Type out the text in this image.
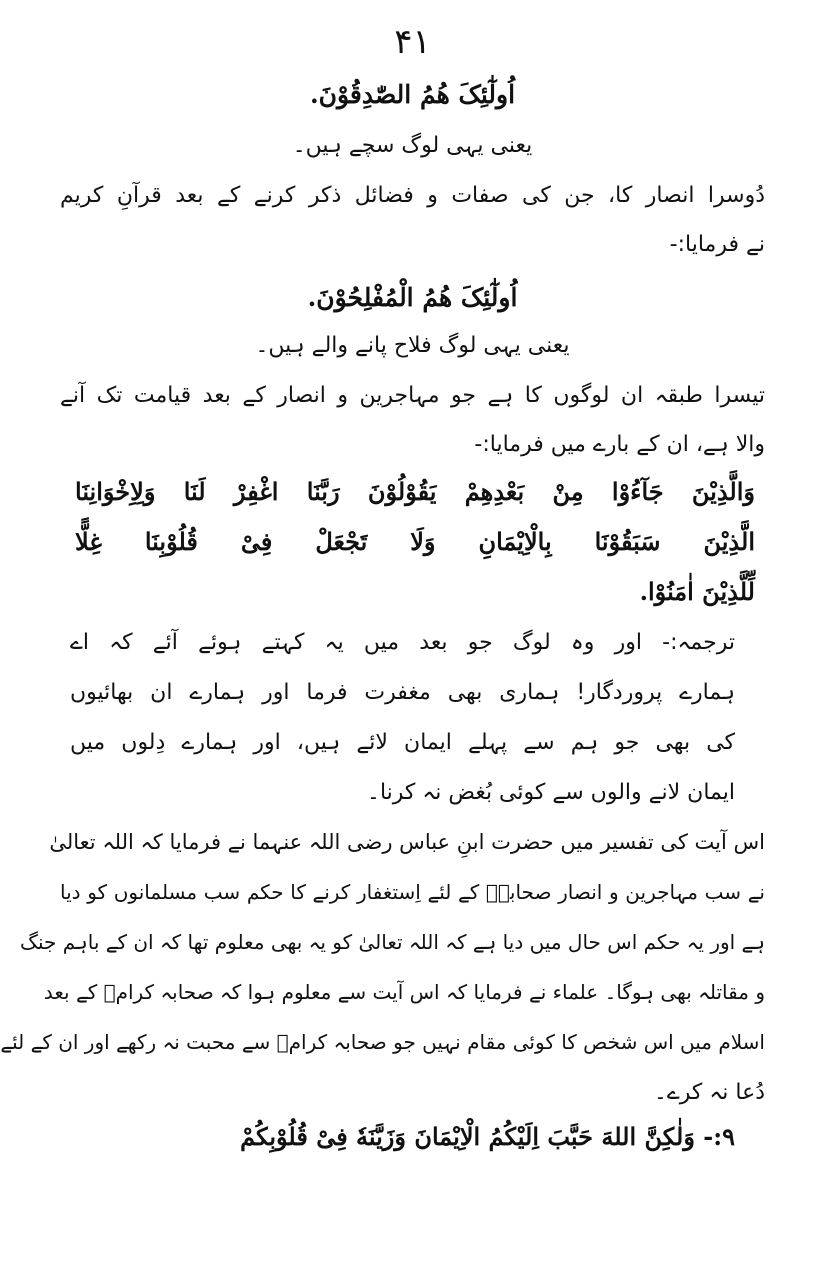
۴۱
اُولٰٓئِکَ ھُمُ الصّٰدِقُوْنَ.
یعنی یہی لوگ سچے ہیں۔
دُوسرا انصار کا، جن کی صفات و فضائل ذکر کرنے کے بعد قرآنِ کریم
نے فرمایا:-
اُولٰٓئِکَ ھُمُ الْمُفْلِحُوْنَ.
یعنی یہی لوگ فلاح پانے والے ہیں۔
تیسرا طبقہ ان لوگوں کا ہے جو مہاجرین و انصار کے بعد قیامت تک آنے
والا ہے، ان کے بارے میں فرمایا:-
وَالَّذِیْنَ جَآءُوْا مِنْ بَعْدِھِمْ یَقُوْلُوْنَ رَبَّنَا اغْفِرْ لَنَا وَلِاِخْوَانِنَا
الَّذِیْنَ سَبَقُوْنَا بِالْاِیْمَانِ وَلَا تَجْعَلْ فِیْ قُلُوْبِنَا غِلًّا
لِّلَّذِیْنَ اٰمَنُوْا.
ترجمہ:- اور وہ لوگ جو بعد میں یہ کہتے ہوئے آئے کہ اے
ہمارے پروردگار! ہماری بھی مغفرت فرما اور ہمارے ان بھائیوں
کی بھی جو ہم سے پہلے ایمان لائے ہیں، اور ہمارے دِلوں میں
ایمان لانے والوں سے کوئی بُغض نہ کرنا۔
اس آیت کی تفسیر میں حضرت ابنِ عباس رضی اللہ عنہما نے فرمایا کہ اللہ تعالیٰ
نے سب مہاجرین و انصار صحابہؓ کے لئے اِستغفار کرنے کا حکم سب مسلمانوں کو دیا
ہے اور یہ حکم اس حال میں دیا ہے کہ اللہ تعالیٰ کو یہ بھی معلوم تھا کہ ان کے باہم جنگ
و مقاتلہ بھی ہوگا۔ علماء نے فرمایا کہ اس آیت سے معلوم ہوا کہ صحابہ کرامؓ کے بعد
اسلام میں اس شخص کا کوئی مقام نہیں جو صحابہ کرامؓ سے محبت نہ رکھے اور ان کے لئے
دُعا نہ کرے۔
۹:- وَلٰکِنَّ اللهَ حَبَّبَ اِلَیْکُمُ الْاِیْمَانَ وَزَیَّنَهٗ فِیْ قُلُوْبِکُمْ
